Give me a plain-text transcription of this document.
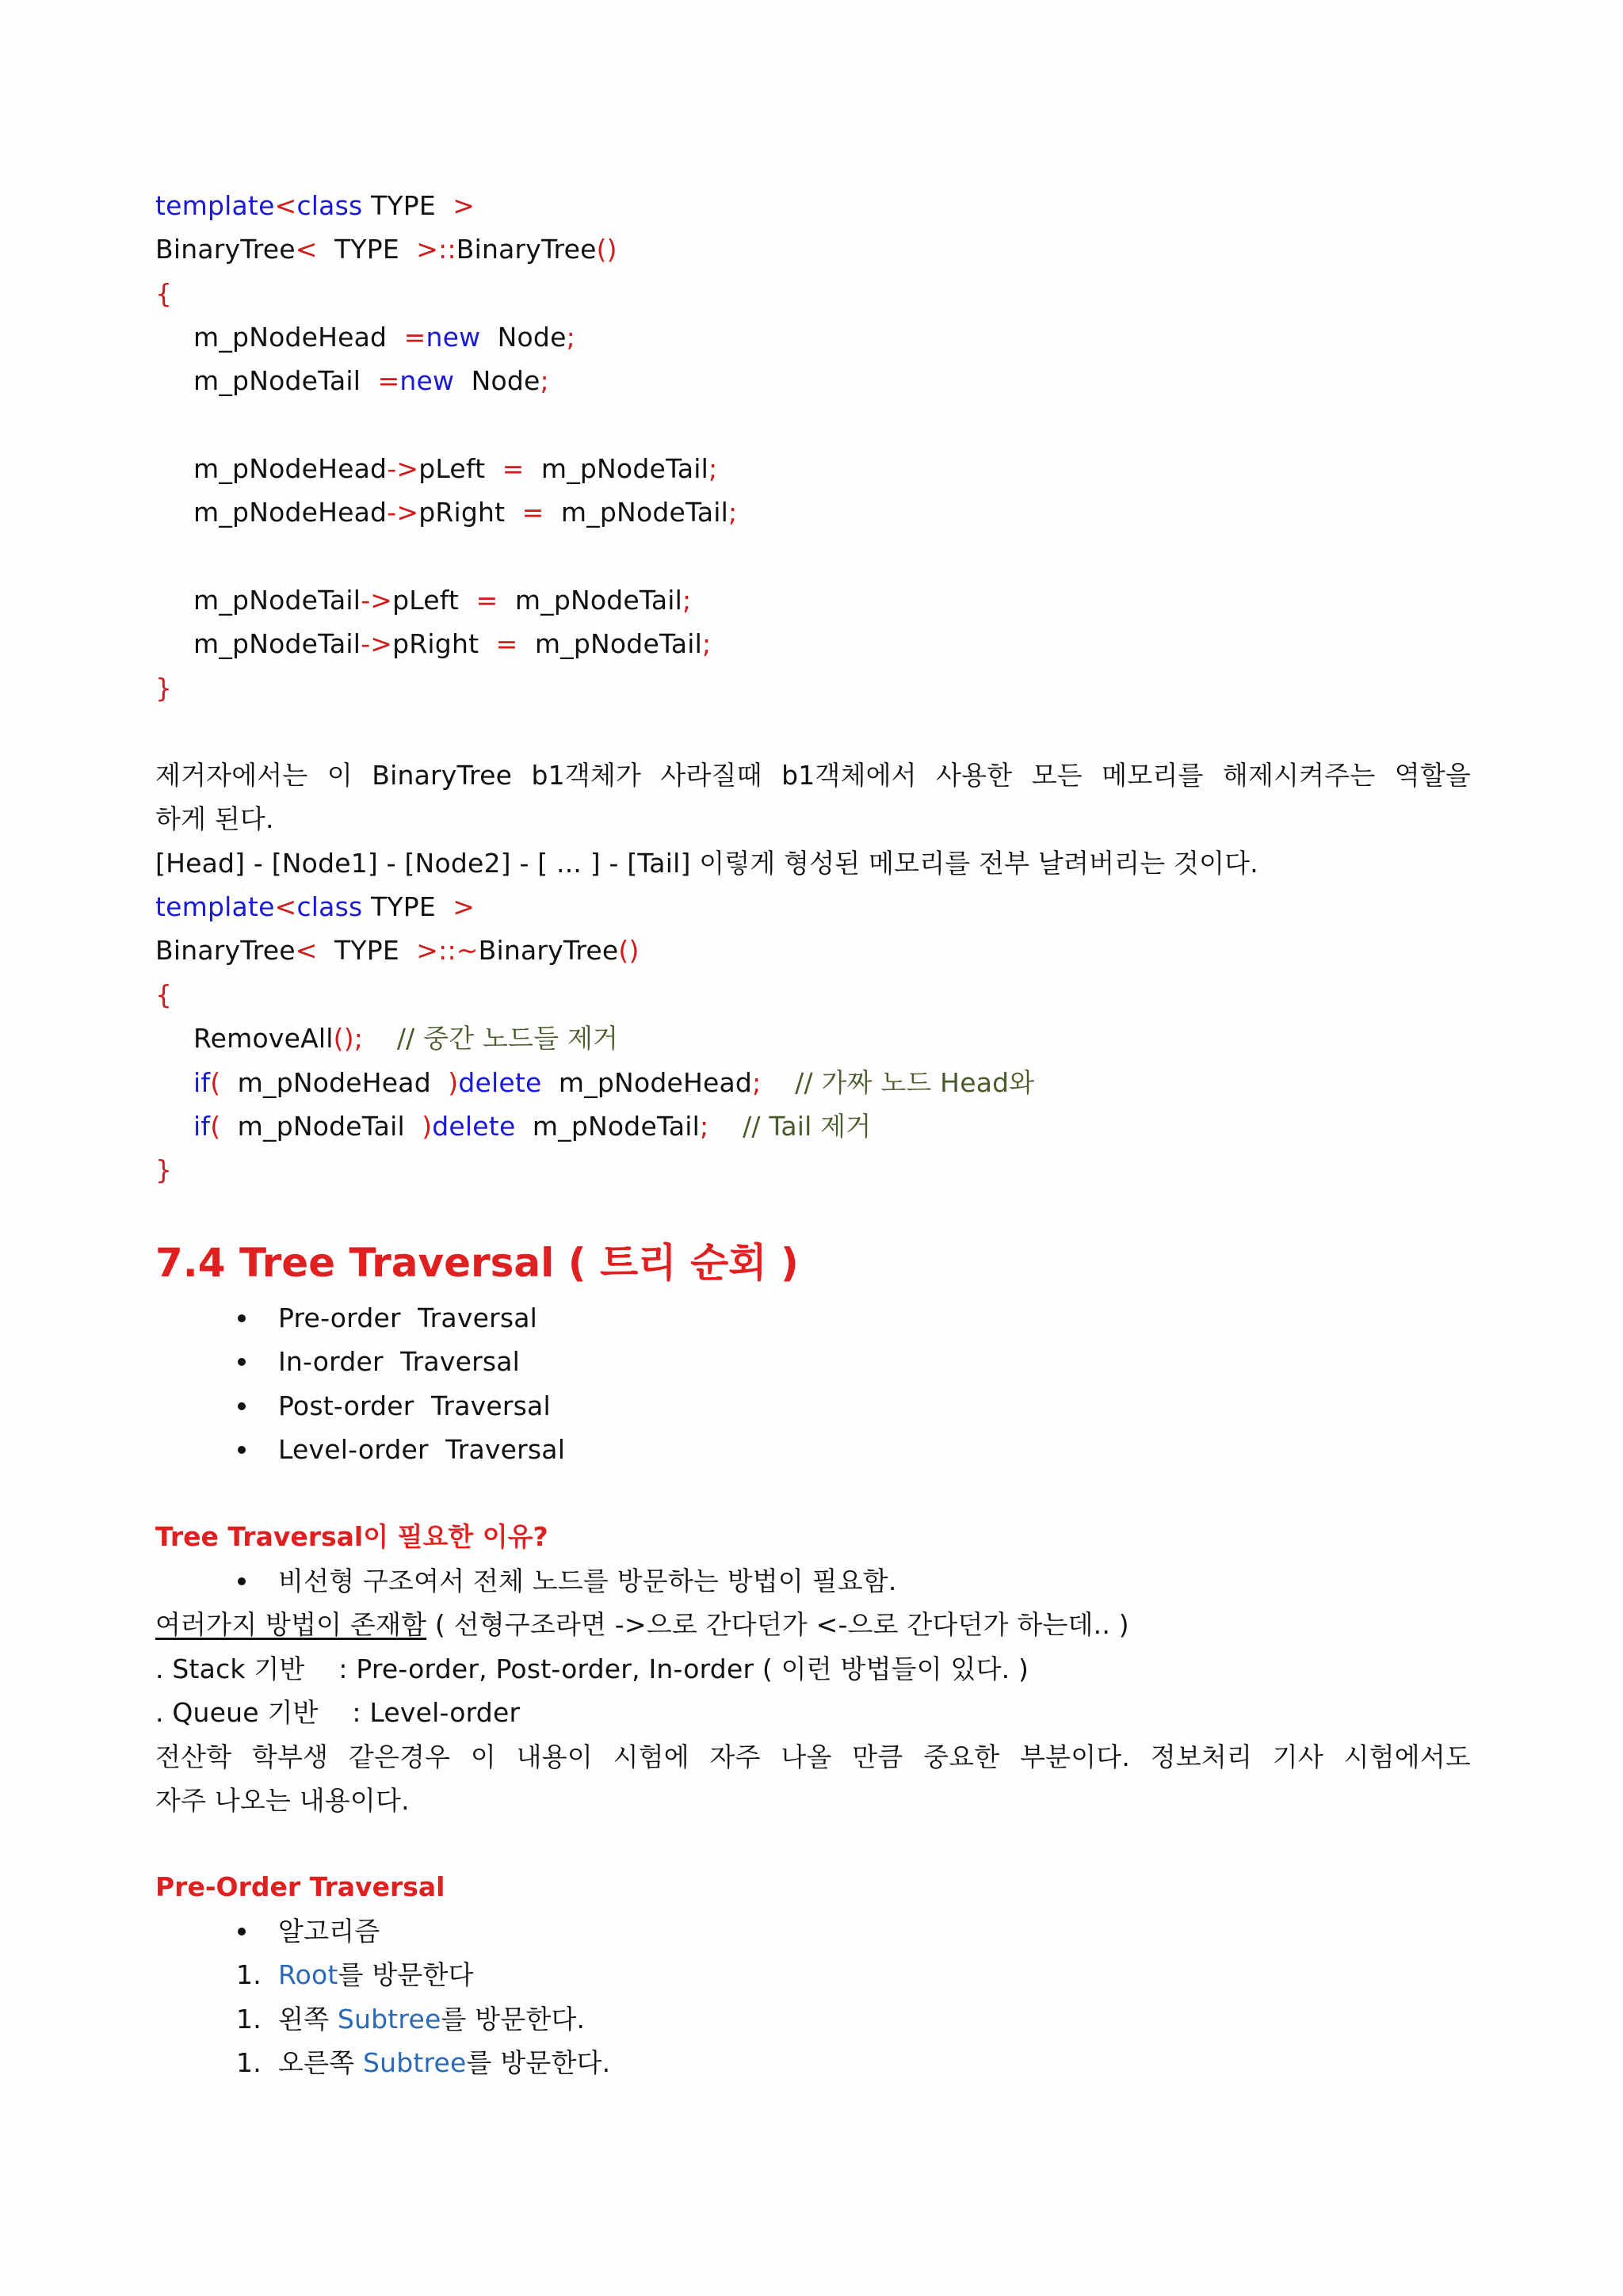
template<class TYPE  >
BinaryTree<  TYPE  >::BinaryTree()
{
m_pNodeHead  =new  Node;
m_pNodeTail  =new  Node;
m_pNodeHead->pLeft  =  m_pNodeTail;
m_pNodeHead->pRight  =  m_pNodeTail;
m_pNodeTail->pLeft  =  m_pNodeTail;
m_pNodeTail->pRight  =  m_pNodeTail;
}
제거자에서는 이 BinaryTree b1객체가 사라질때 b1객체에서 사용한 모든 메모리를 해제시켜주는 역할을
하게 된다.
[Head] - [Node1] - [Node2] - [ ... ] - [Tail] 이렇게 형성된 메모리를 전부 날려버리는 것이다.
template<class TYPE  >
BinaryTree<  TYPE  >::~BinaryTree()
{
RemoveAll();    // 중간 노드들 제거
if(  m_pNodeHead  )delete  m_pNodeHead;    // 가짜 노드 Head와
if(  m_pNodeTail  )delete  m_pNodeTail;    // Tail 제거
}
7.4 Tree Traversal ( 트리 순회 )
Pre-order  Traversal
In-order  Traversal
Post-order  Traversal
Level-order  Traversal
Tree Traversal이 필요한 이유?
비선형 구조여서 전체 노드를 방문하는 방법이 필요함.
여러가지 방법이 존재함 ( 선형구조라면 ->으로 간다던가 <-으로 간다던가 하는데.. )
. Stack 기반    : Pre-order, Post-order, In-order ( 이런 방법들이 있다. )
. Queue 기반    : Level-order
전산학 학부생 같은경우 이 내용이 시험에 자주 나올 만큼 중요한 부분이다. 정보처리 기사 시험에서도
자주 나오는 내용이다.
Pre-Order Traversal
알고리즘
1. Root를 방문한다
1. 왼쪽 Subtree를 방문한다.
1. 오른쪽 Subtree를 방문한다.
